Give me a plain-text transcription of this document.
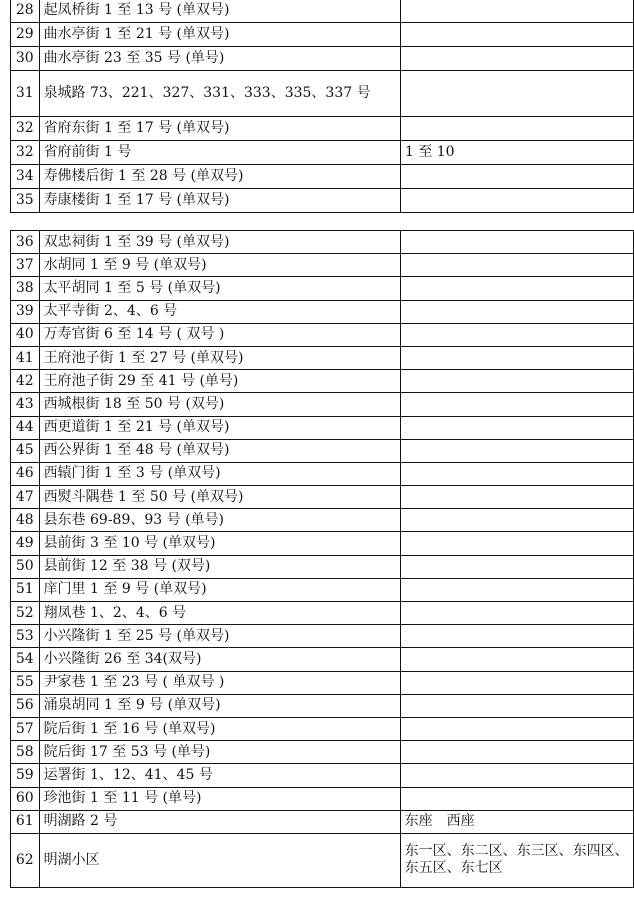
28	起凤桥街 1 至 13 号 (单双号)	
29	曲水亭街 1 至 21 号 (单双号)	
30	曲水亭街 23 至 35 号 (单号)	
31	泉城路 73、221、327、331、333、335、337 号	
32	省府东街 1 至 17 号 (单双号)	
32	省府前街 1 号	1 至 10
34	寿佛楼后街 1 至 28 号 (单双号)	
35	寿康楼街 1 至 17 号 (单双号)	
36	双忠祠街 1 至 39 号 (单双号)	
37	水胡同 1 至 9 号 (单双号)	
38	太平胡同 1 至 5 号 (单双号)	
39	太平寺街 2、4、6 号	
40	万寿官街 6 至 14 号 ( 双号 )	
41	王府池子街 1 至 27 号 (单双号)	
42	王府池子街 29 至 41 号 (单号)	
43	西城根街 18 至 50 号 (双号)	
44	西更道街 1 至 21 号 (单双号)	
45	西公界街 1 至 48 号 (单双号)	
46	西辕门街 1 至 3 号 (单双号)	
47	西熨斗隅巷 1 至 50 号 (单双号)	
48	县东巷 69-89、93 号 (单号)	
49	县前街 3 至 10 号 (单双号)	
50	县前街 12 至 38 号 (双号)	
51	庠门里 1 至 9 号 (单双号)	
52	翔凤巷 1、2、4、6 号	
53	小兴隆街 1 至 25 号 (单双号)	
54	小兴隆街 26 至 34(双号)	
55	尹家巷 1 至 23 号 ( 单双号 )	
56	涌泉胡同 1 至 9 号 (单双号)	
57	院后街 1 至 16 号 (单双号)	
58	院后街 17 至 53 号 (单号)	
59	运署街 1、12、41、45 号	
60	珍池街 1 至 11 号 (单号)	
61	明湖路 2 号	东座　西座
62	明湖小区	东一区、东二区、东三区、东四区、东五区、东七区
